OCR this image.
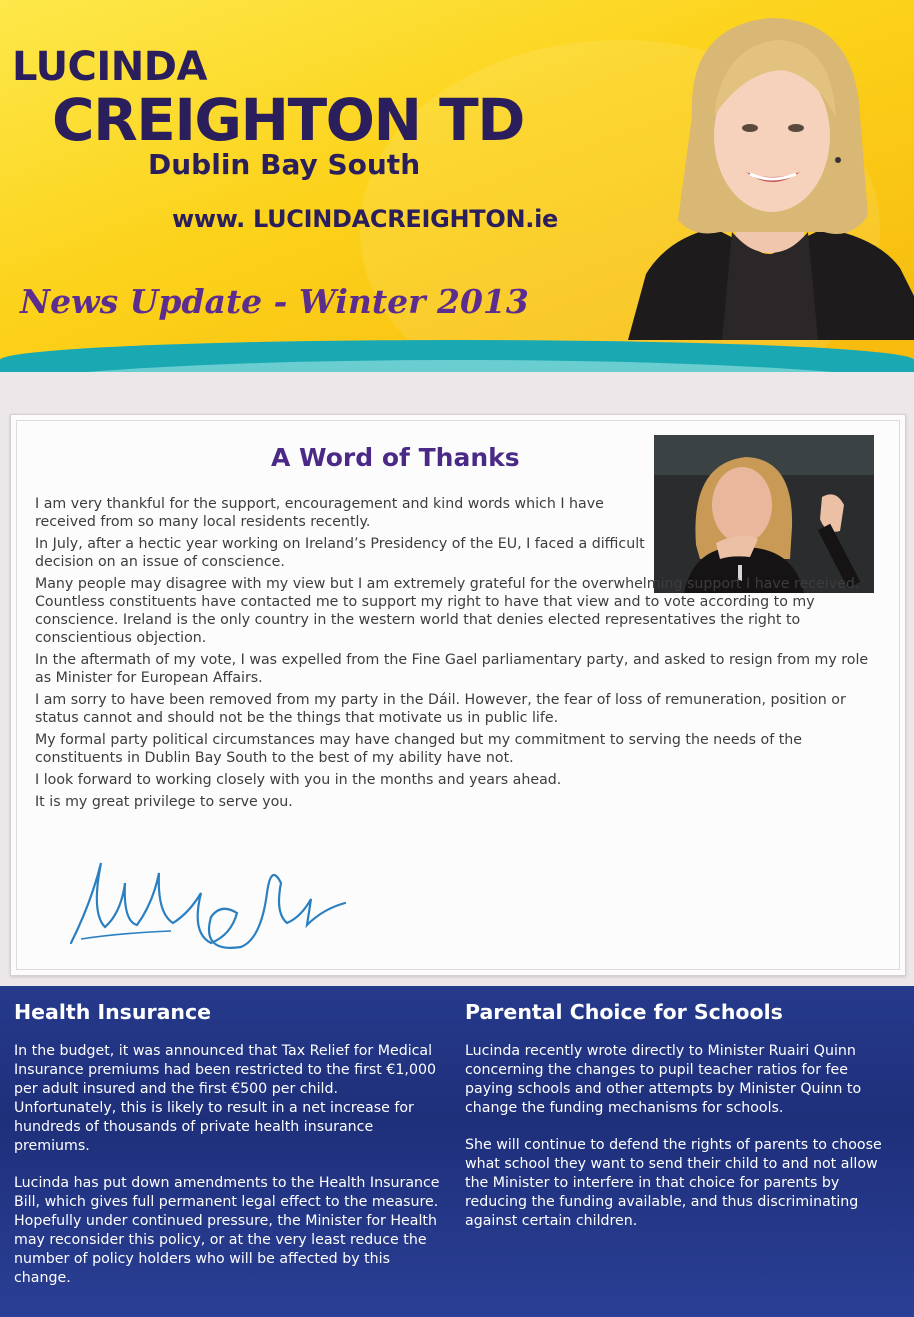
LUCINDA
CREIGHTON TD
Dublin Bay South
www. LUCINDACREIGHTON.ie
News Update - Winter 2013
A Word of Thanks

I am very thankful for the support, encouragement and kind words which I have received from so many local residents recently.

In July, after a hectic year working on Ireland’s Presidency of the EU, I faced a difficult decision on an issue of conscience.

Many people may disagree with my view but I am extremely grateful for the overwhelming support I have received. Countless constituents have contacted me to support my right to have that view and to vote according to my conscience. Ireland is the only country in the western world that denies elected representatives the right to conscientious objection.

In the aftermath of my vote, I was expelled from the Fine Gael parliamentary party, and asked to resign from my role as Minister for European Affairs.

I am sorry to have been removed from my party in the Dáil. However, the fear of loss of remuneration, position or status cannot and should not be the things that motivate us in public life.

My formal party political circumstances may have changed but my commitment to serving the needs of the constituents in Dublin Bay South to the best of my ability have not.

I look forward to working closely with you in the months and years ahead.

It is my great privilege to serve you.

Health Insurance

In the budget, it was announced that Tax Relief for Medical Insurance premiums had been restricted to the first €1,000 per adult insured and the first €500 per child. Unfortunately, this is likely to result in a net increase for hundreds of thousands of private health insurance premiums.

Lucinda has put down amendments to the Health Insurance Bill, which gives full permanent legal effect to the measure. Hopefully under continued pressure, the Minister for Health may reconsider this policy, or at the very least reduce the number of policy holders who will be affected by this change.

Parental Choice for Schools

Lucinda recently wrote directly to Minister Ruairi Quinn concerning the changes to pupil teacher ratios for fee paying schools and other attempts by Minister Quinn to change the funding mechanisms for schools.

She will continue to defend the rights of parents to choose what school they want to send their child to and not allow the Minister to interfere in that choice for parents by reducing the funding available, and thus discriminating against certain children.
